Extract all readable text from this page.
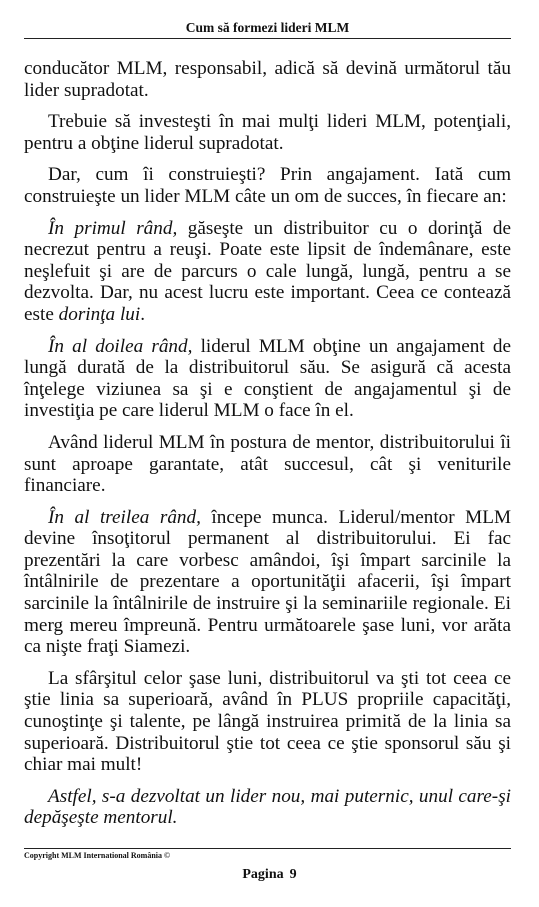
Cum să formezi lideri MLM

conducător MLM, responsabil, adică să devină următorul tău lider supradotat.

Trebuie să investeşti în mai mulţi lideri MLM, potenţiali, pentru a obţine liderul supradotat.

Dar, cum îi construieşti? Prin angajament. Iată cum construieşte un lider MLM câte un om de succes, în fiecare an:

În primul rând, găseşte un distribuitor cu o dorinţă de necrezut pentru a reuşi. Poate este lipsit de îndemânare, este neşlefuit şi are de parcurs o cale lungă, lungă, pentru a se dezvolta. Dar, nu acest lucru este important. Ceea ce contează este dorinţa lui.

În al doilea rând, liderul MLM obţine un angajament de lungă durată de la distribuitorul său. Se asigură că acesta înţelege viziunea sa şi e conştient de angajamentul şi de investiţia pe care liderul MLM o face în el.

Având liderul MLM în postura de mentor, distribuitorului îi sunt aproape garantate, atât succesul, cât şi veniturile financiare.

În al treilea rând, începe munca. Liderul/mentor MLM devine însoţitorul permanent al distribuitorului. Ei fac prezentări la care vorbesc amândoi, îşi împart sarcinile la întâlnirile de prezentare a oportunităţii afacerii, îşi împart sarcinile la întâlnirile de instruire şi la seminariile regionale. Ei merg mereu împreună. Pentru următoarele şase luni, vor arăta ca nişte fraţi Siamezi.

La sfârşitul celor şase luni, distribuitorul va şti tot ceea ce ştie linia sa superioară, având în PLUS propriile capacităţi, cunoştinţe şi talente, pe lângă instruirea primită de la linia sa superioară. Distribuitorul ştie tot ceea ce ştie sponsorul său şi chiar mai mult!

Astfel, s-a dezvoltat un lider nou, mai puternic, unul care-şi depăşeşte mentorul.

Copyright MLM International România ©
Pagina 9
